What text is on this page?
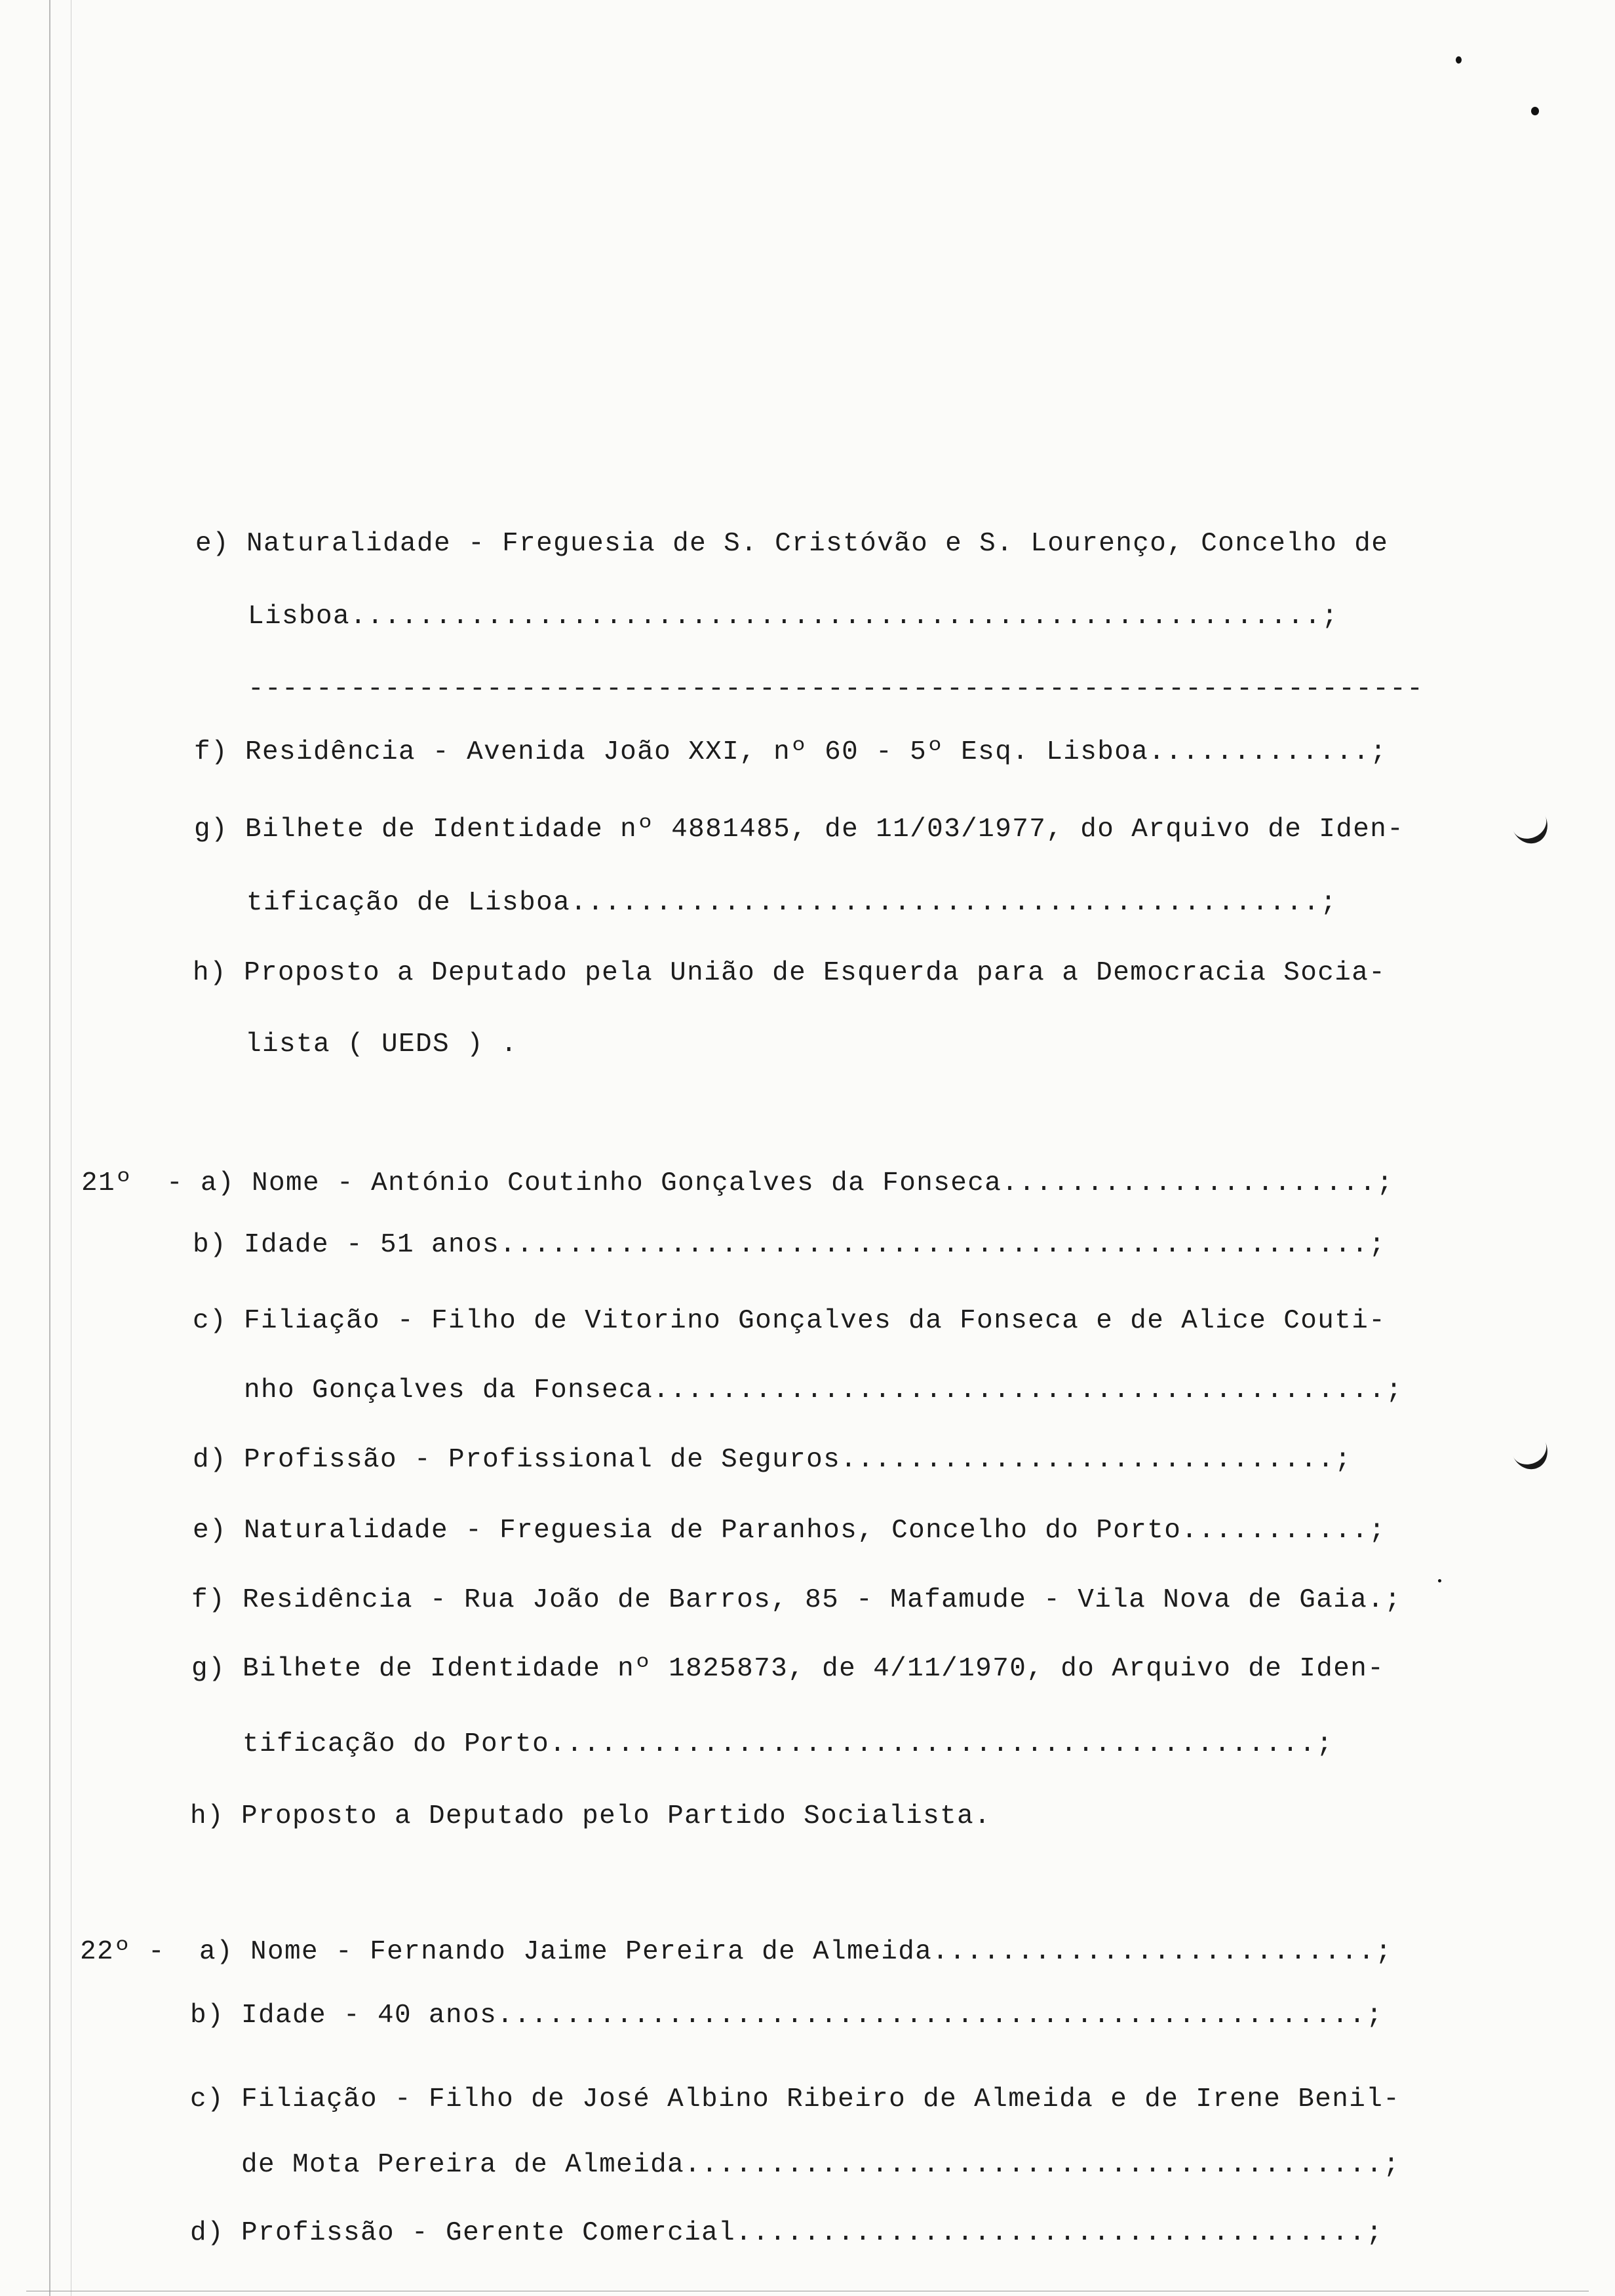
e) Naturalidade - Freguesia de S. Cristóvão e S. Lourenço, Concelho de

Lisboa.........................................................;

---------------------------------------------------------------------

f) Residência - Avenida João XXI, nº 60 - 5º Esq. Lisboa.............;

g) Bilhete de Identidade nº 4881485, de 11/03/1977, do Arquivo de Iden-

tificação de Lisboa............................................;

h) Proposto a Deputado pela União de Esquerda para a Democracia Socia-

lista ( UEDS ) .

21º  - a) Nome - António Coutinho Gonçalves da Fonseca......................;

b) Idade - 51 anos...................................................;

c) Filiação - Filho de Vitorino Gonçalves da Fonseca e de Alice Couti-

nho Gonçalves da Fonseca...........................................;

d) Profissão - Profissional de Seguros.............................;

e) Naturalidade - Freguesia de Paranhos, Concelho do Porto...........;

f) Residência - Rua João de Barros, 85 - Mafamude - Vila Nova de Gaia.;

g) Bilhete de Identidade nº 1825873, de 4/11/1970, do Arquivo de Iden-

tificação do Porto.............................................;

h) Proposto a Deputado pelo Partido Socialista.

22º -  a) Nome - Fernando Jaime Pereira de Almeida..........................;

b) Idade - 40 anos...................................................;

c) Filiação - Filho de José Albino Ribeiro de Almeida e de Irene Benil-

de Mota Pereira de Almeida.........................................;

d) Profissão - Gerente Comercial.....................................;
